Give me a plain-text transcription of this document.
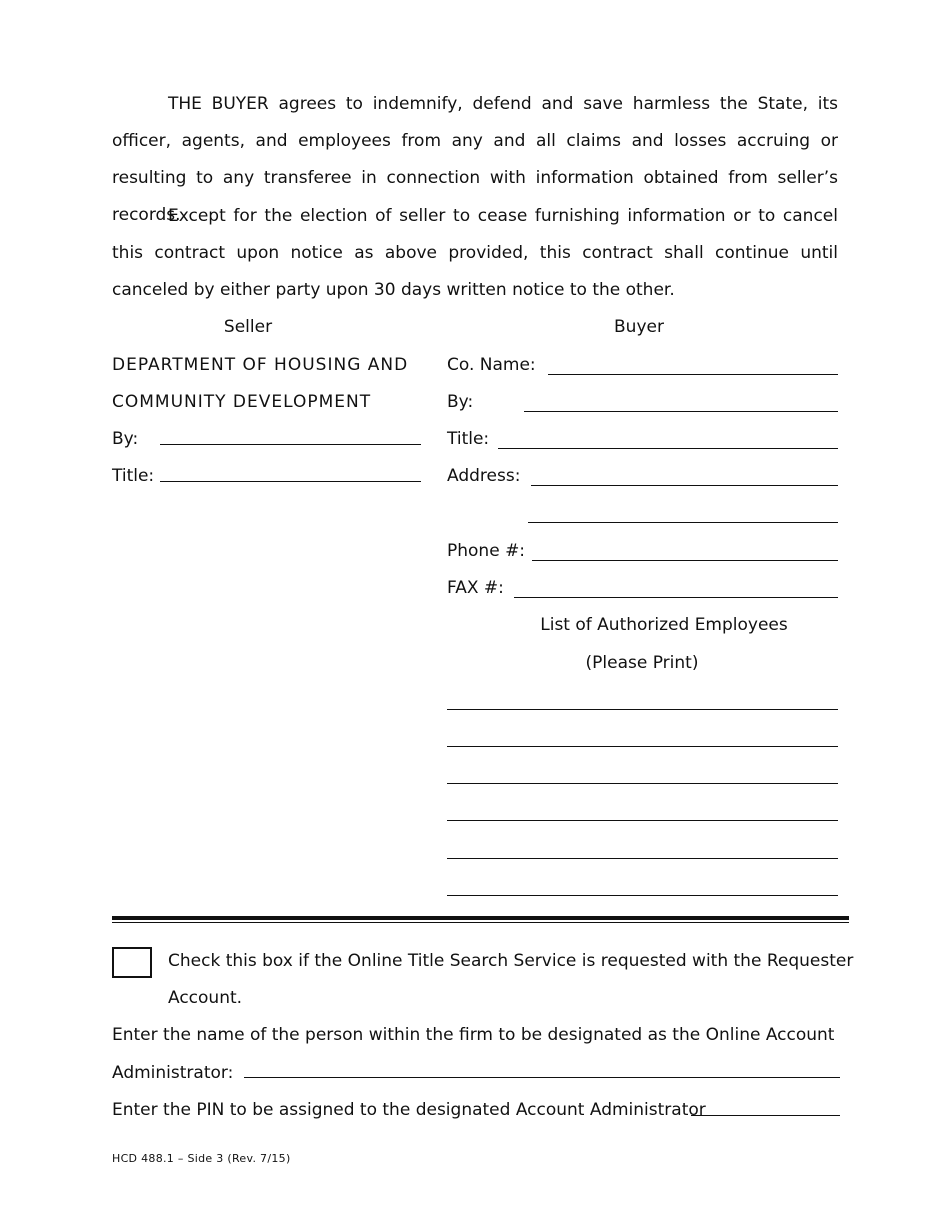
THE BUYER agrees to indemnify, defend and save harmless the State, its officer, agents, and employees from any and all claims and losses accruing or resulting to any transferee in connection with information obtained from seller’s records.
Except for the election of seller to cease furnishing information or to cancel this contract upon notice as above provided, this contract shall continue until canceled by either party upon 30 days written notice to the other.
Seller
DEPARTMENT OF HOUSING AND
COMMUNITY DEVELOPMENT
By:
Title:
Buyer
Co. Name:
By:
Title:
Address:
Phone #:
FAX #:
List of Authorized Employees
(Please Print)
Check this box if the Online Title Search Service is requested with the Requester
Account.
Enter the name of the person within the firm to be designated as the Online Account
Administrator:
Enter the PIN to be assigned to the designated Account Administrator
HCD 488.1 – Side 3 (Rev. 7/15)
